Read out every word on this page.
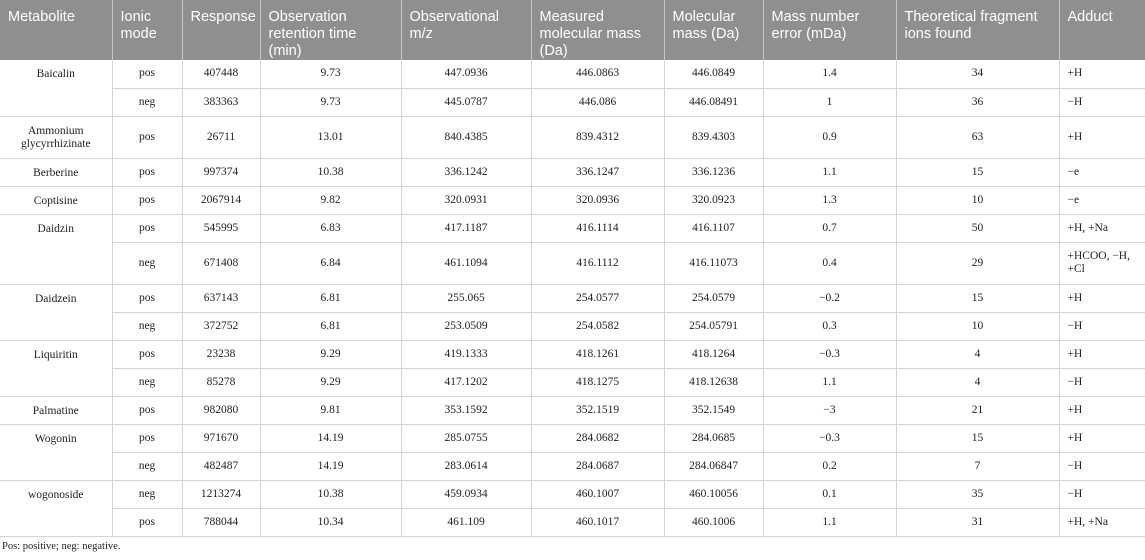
Metabolite	Ionic mode	Response	Observation retention time (min)	Observational m/z	Measured molecular mass (Da)	Molecular mass (Da)	Mass number error (mDa)	Theoretical fragment ions found	Adduct
Baicalin	pos	407448	9.73	447.0936	446.0863	446.0849	1.4	34	+H
	neg	383363	9.73	445.0787	446.086	446.08491	1	36	−H
Ammonium glycyrrhizinate	pos	26711	13.01	840.4385	839.4312	839.4303	0.9	63	+H
Berberine	pos	997374	10.38	336.1242	336.1247	336.1236	1.1	15	−e
Coptisine	pos	2067914	9.82	320.0931	320.0936	320.0923	1.3	10	−e
Daidzin	pos	545995	6.83	417.1187	416.1114	416.1107	0.7	50	+H, +Na
	neg	671408	6.84	461.1094	416.1112	416.11073	0.4	29	+HCOO, −H, +Cl
Daidzein	pos	637143	6.81	255.065	254.0577	254.0579	−0.2	15	+H
	neg	372752	6.81	253.0509	254.0582	254.05791	0.3	10	−H
Liquiritin	pos	23238	9.29	419.1333	418.1261	418.1264	−0.3	4	+H
	neg	85278	9.29	417.1202	418.1275	418.12638	1.1	4	−H
Palmatine	pos	982080	9.81	353.1592	352.1519	352.1549	−3	21	+H
Wogonin	pos	971670	14.19	285.0755	284.0682	284.0685	−0.3	15	+H
	neg	482487	14.19	283.0614	284.0687	284.06847	0.2	7	−H
wogonoside	neg	1213274	10.38	459.0934	460.1007	460.10056	0.1	35	−H
	pos	788044	10.34	461.109	460.1017	460.1006	1.1	31	+H, +Na
Pos: positive; neg: negative.
